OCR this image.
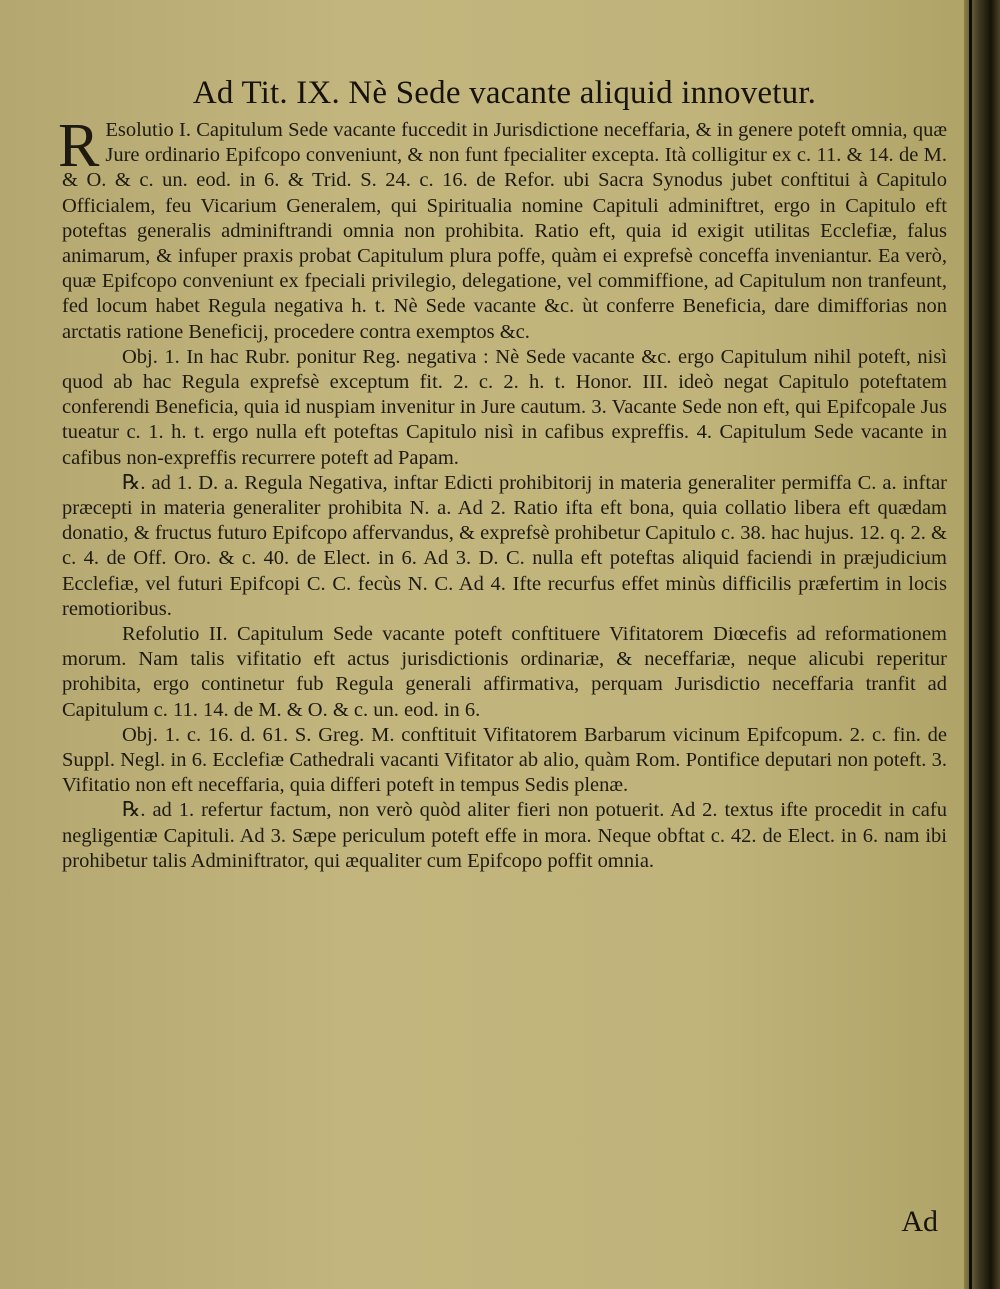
Ad Tit. IX. Nè Sede vacante aliquid innovetur.

R Esolutio I. Capitulum Sede vacante fuccedit in Jurisdictione neceffaria, & in genere poteft omnia, quæ Jure ordinario Epifcopo conveniunt, & non funt fpecialiter excepta. Ità colligitur ex c. 11. & 14. de M. & O. & c. un. eod. in 6. & Trid. S. 24. c. 16. de Refor. ubi Sacra Synodus jubet conftitui à Capitulo Officialem, feu Vicarium Generalem, qui Spiritualia nomine Capituli adminiftret, ergo in Capitulo eft poteftas generalis adminiftrandi omnia non prohibita. Ratio eft, quia id exigit utilitas Ecclefiæ, falus animarum, & infuper praxis probat Capitulum plura poffe, quàm ei exprefsè conceffa inveniantur. Ea verò, quæ Epifcopo conveniunt ex fpeciali privilegio, delegatione, vel commiffione, ad Capitulum non tranfeunt, fed locum habet Regula negativa h. t. Nè Sede vacante &c. ùt conferre Beneficia, dare dimifforias non arctatis ratione Beneficij, procedere contra exemptos &c.

Obj. 1. In hac Rubr. ponitur Reg. negativa : Nè Sede vacante &c. ergo Capitulum nihil poteft, nisì quod ab hac Regula exprefsè exceptum fit. 2. c. 2. h. t. Honor. III. ideò negat Capitulo poteftatem conferendi Beneficia, quia id nuspiam invenitur in Jure cautum. 3. Vacante Sede non eft, qui Epifcopale Jus tueatur c. 1. h. t. ergo nulla eft poteftas Capitulo nisì in cafibus expreffis. 4. Capitulum Sede vacante in cafibus non-expreffis recurrere poteft ad Papam.

℞. ad 1. D. a. Regula Negativa, inftar Edicti prohibitorij in materia generaliter permiffa C. a. inftar præcepti in materia generaliter prohibita N. a. Ad 2. Ratio ifta eft bona, quia collatio libera eft quædam donatio, & fructus futuro Epifcopo affervandus, & exprefsè prohibetur Capitulo c. 38. hac hujus. 12. q. 2. & c. 4. de Off. Oro. & c. 40. de Elect. in 6. Ad 3. D. C. nulla eft poteftas aliquid faciendi in præjudicium Ecclefiæ, vel futuri Epifcopi C. C. fecùs N. C. Ad 4. Ifte recurfus effet minùs difficilis præfertim in locis remotioribus.

Refolutio II. Capitulum Sede vacante poteft conftituere Vifitatorem Diœcefis ad reformationem morum. Nam talis vifitatio eft actus jurisdictionis ordinariæ, & neceffariæ, neque alicubi reperitur prohibita, ergo continetur fub Regula generali affirmativa, perquam Jurisdictio neceffaria tranfit ad Capitulum c. 11. 14. de M. & O. & c. un. eod. in 6.

Obj. 1. c. 16. d. 61. S. Greg. M. conftituit Vifitatorem Barbarum vicinum Epifcopum. 2. c. fin. de Suppl. Negl. in 6. Ecclefiæ Cathedrali vacanti Vifitator ab alio, quàm Rom. Pontifice deputari non poteft. 3. Vifitatio non eft neceffaria, quia differi poteft in tempus Sedis plenæ.

℞. ad 1. refertur factum, non verò quòd aliter fieri non potuerit. Ad 2. textus ifte procedit in cafu negligentiæ Capituli. Ad 3. Sæpe periculum poteft effe in mora. Neque obftat c. 42. de Elect. in 6. nam ibi prohibetur talis Adminiftrator, qui æqualiter cum Epifcopo poffit omnia.

Ad
